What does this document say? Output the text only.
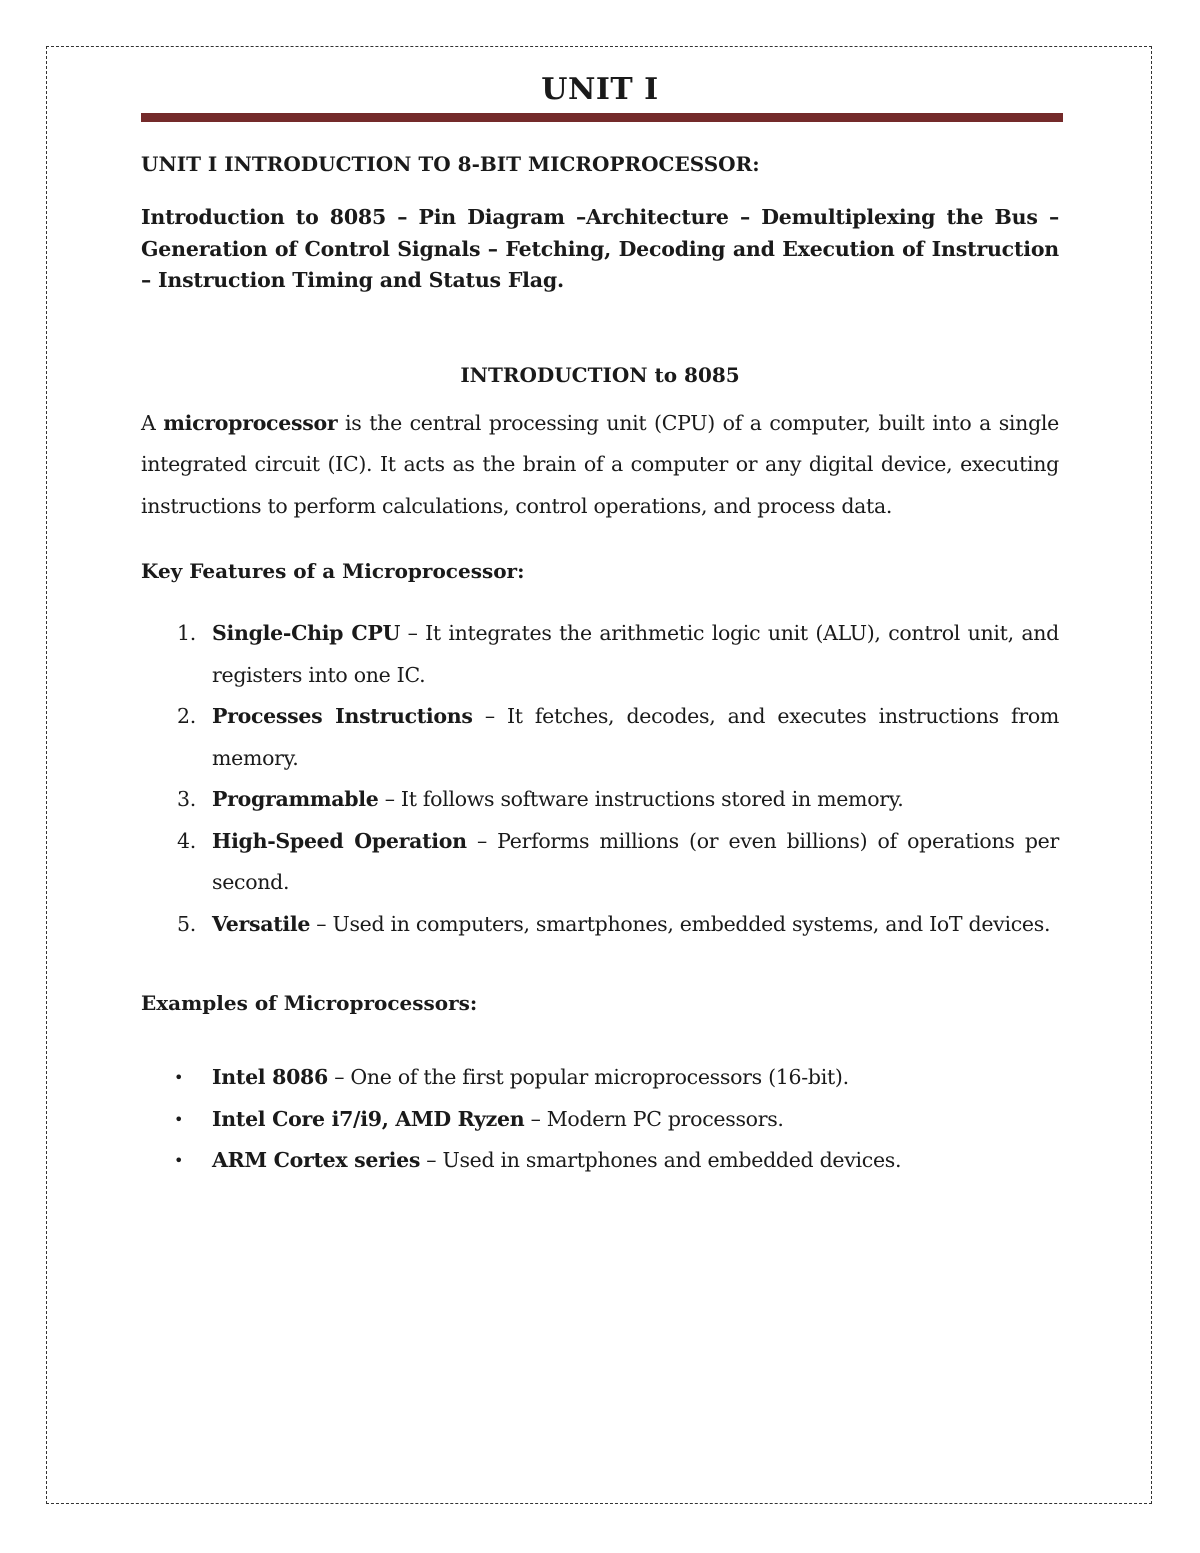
UNIT I

UNIT I INTRODUCTION TO 8-BIT MICROPROCESSOR:

Introduction to 8085 – Pin Diagram –Architecture – Demultiplexing the Bus –Generation of Control Signals – Fetching, Decoding and Execution of Instruction – Instruction Timing and Status Flag.

INTRODUCTION to 8085

A microprocessor is the central processing unit (CPU) of a computer, built into a single integrated circuit (IC). It acts as the brain of a computer or any digital device, executing instructions to perform calculations, control operations, and process data.

Key Features of a Microprocessor:

1. Single-Chip CPU – It integrates the arithmetic logic unit (ALU), control unit, and registers into one IC.
2. Processes Instructions – It fetches, decodes, and executes instructions from memory.
3. Programmable – It follows software instructions stored in memory.
4. High-Speed Operation – Performs millions (or even billions) of operations per second.
5. Versatile – Used in computers, smartphones, embedded systems, and IoT devices.

Examples of Microprocessors:

• Intel 8086 – One of the first popular microprocessors (16-bit).
• Intel Core i7/i9, AMD Ryzen – Modern PC processors.
• ARM Cortex series – Used in smartphones and embedded devices.
